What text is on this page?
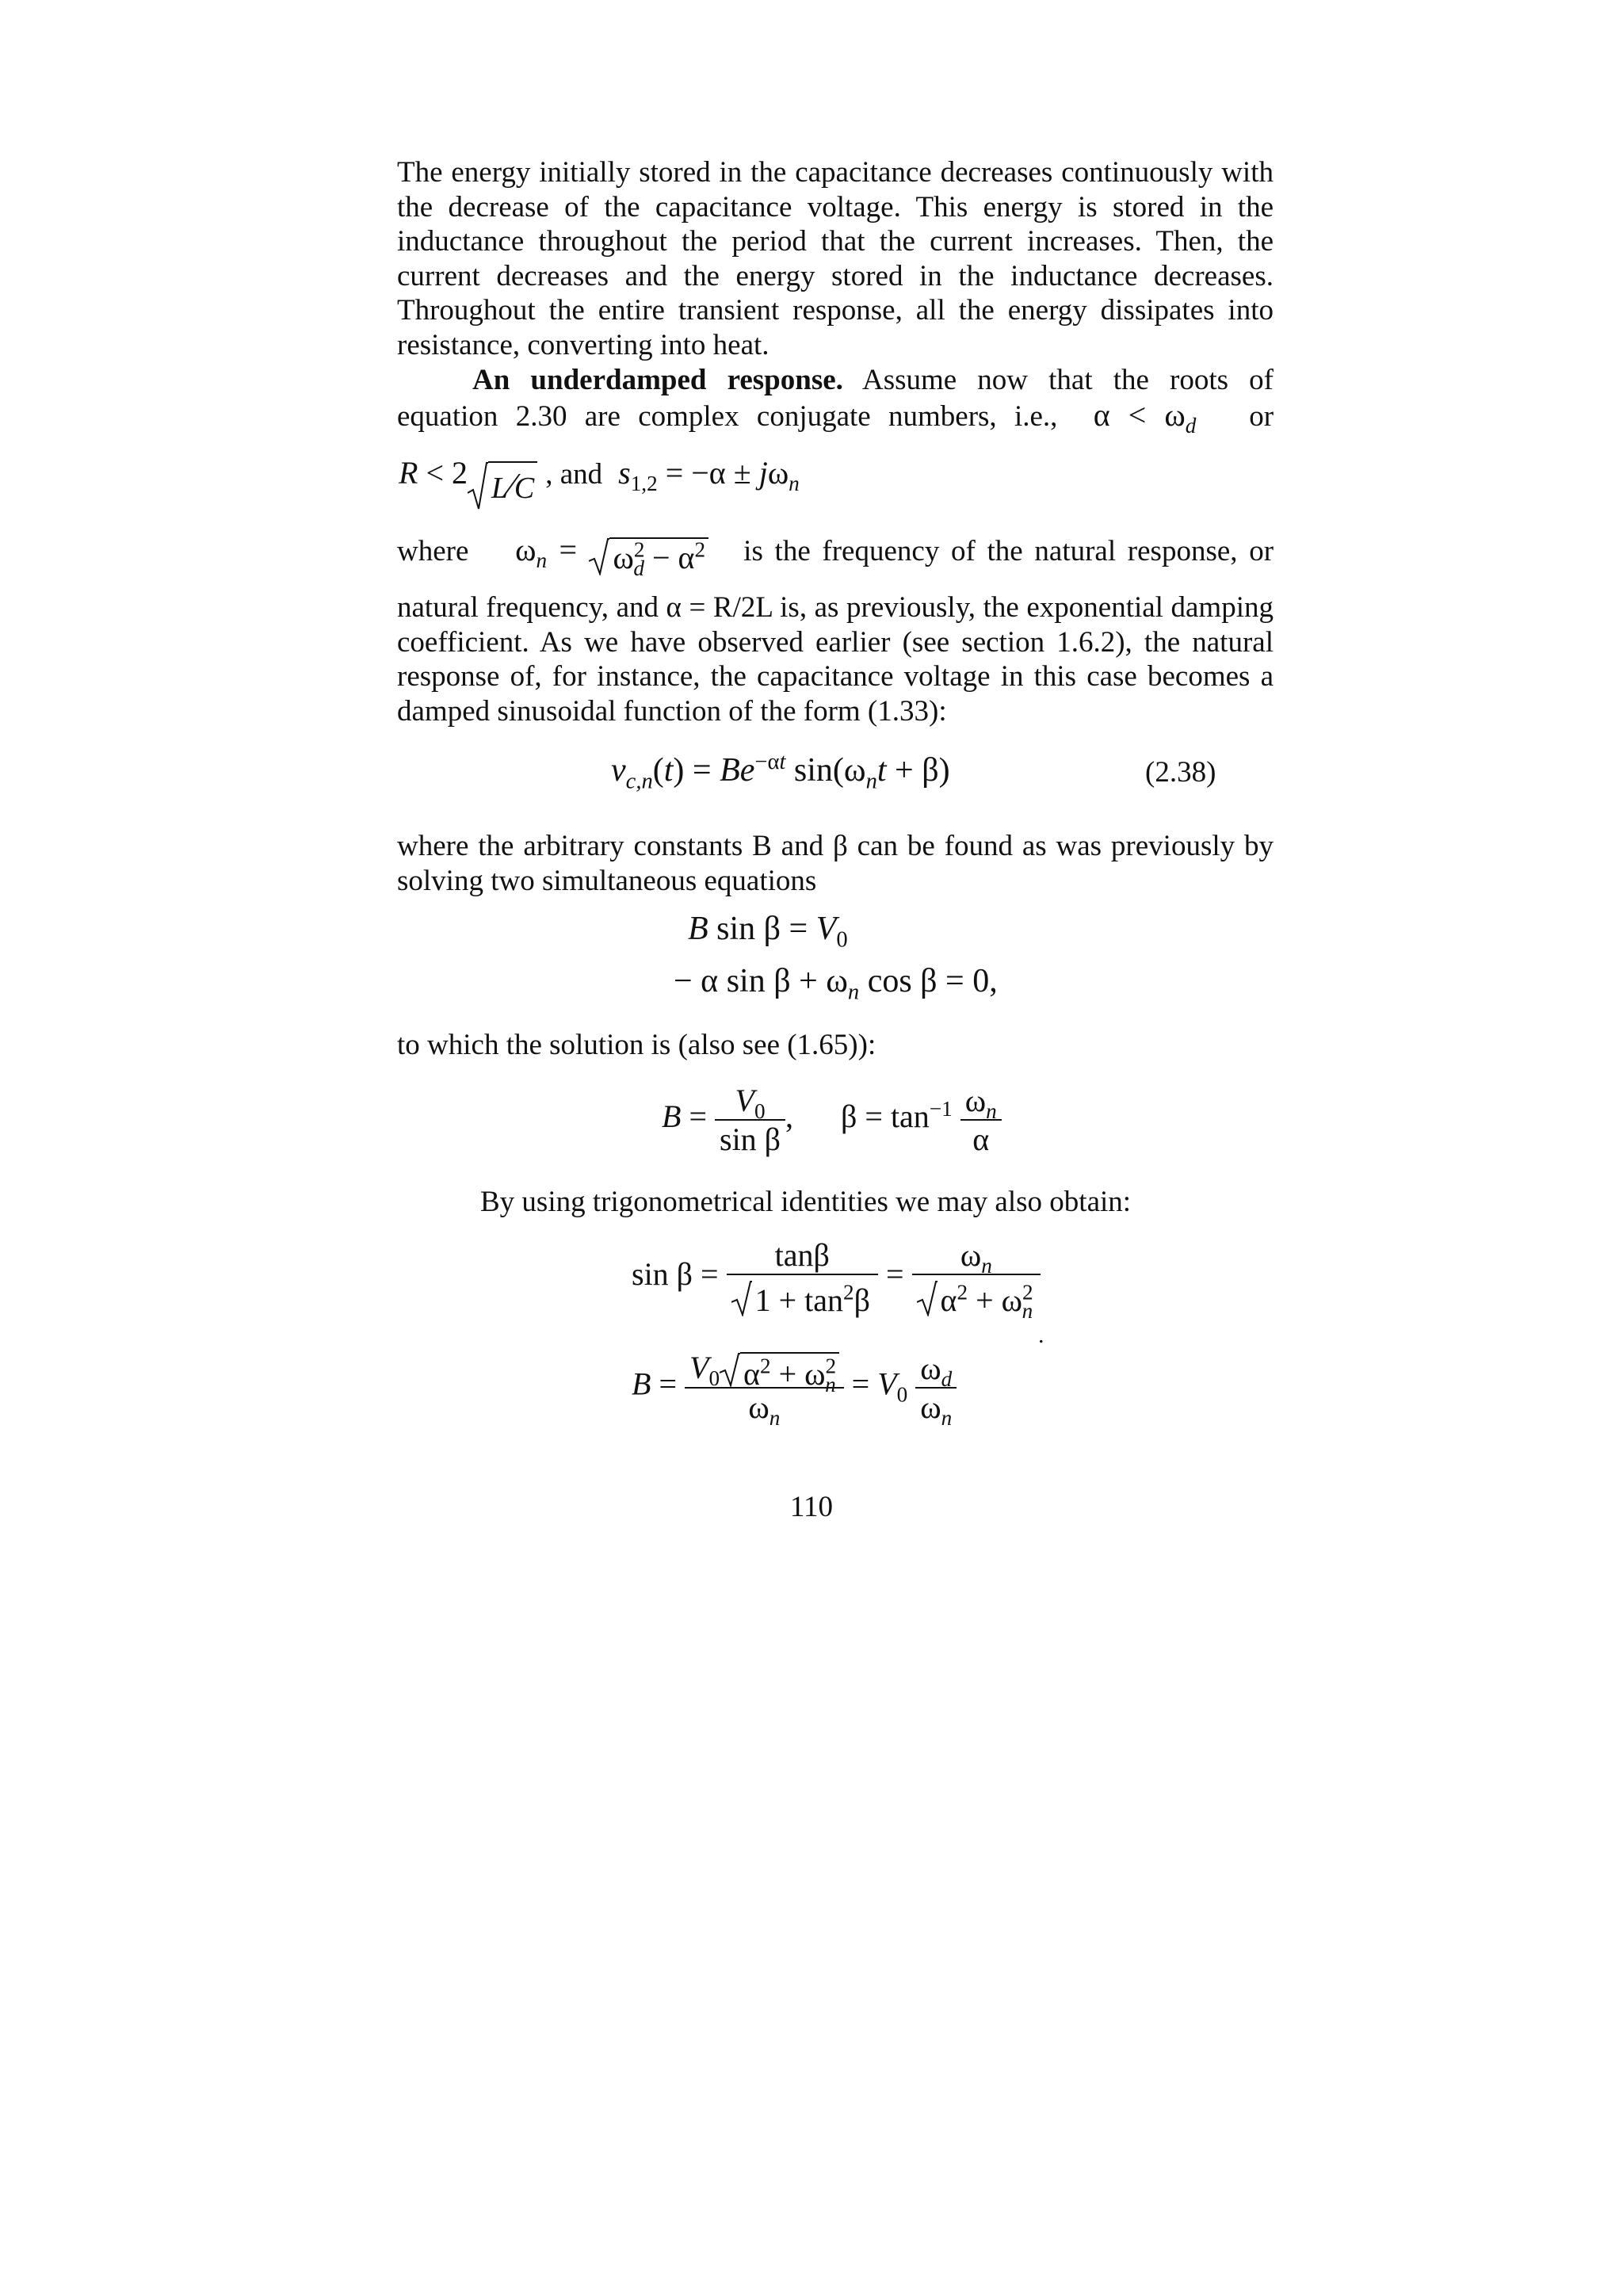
The energy initially stored in the capacitance decreases continuously with the decrease of the capacitance voltage. This energy is stored in the inductance throughout the period that the current increases. Then, the current decreases and the energy stored in the inductance decreases. Throughout the entire transient response, all the energy dissipates into resistance, converting into heat.

An underdamped response. Assume now that the roots of equation 2.30 are complex conjugate numbers, i.e.,  $\alpha < \omega_d$ or

R < 2 L⁄C , and $s_{1,2} = -\alpha \pm j\omega_n$

where $\omega_n$ =
$\omega^2_d - \alpha^2$ is the frequency of the natural response, or

natural frequency, and α = R/2L is, as previously, the exponential damping coefficient. As we have observed earlier (see section 1.6.2), the natural response of, for instance, the capacitance voltage in this case becomes a damped sinusoidal function of the form (1.33):

$v_{c,n}(t) = Be^{-\alpha t}$ $\sin(\omega_nt + \beta)$	(2.38)

where the arbitrary constants B and β can be found as was previously by solving two simultaneous equations

B $\sin \beta = V_0$
− α $\sin \beta + \omega_n$ cos β = 0,

to which the solution is (also see (1.65)):

$B = \frac{V_0}{\text{sin β}}$ ,      $\beta = \tan^{-1} \frac{\omega_n}{\alpha}$

By using trigonometrical identities we may also obtain:

$\sin \beta = \frac{\tan\beta}{1 + \tan^2\beta} = \frac{\omega_n}{\alpha^2 + \omega^2_n}$
.
$B = \frac{V_0 \alpha^2 + \omega^2_n}{\omega_n} = V_0 \frac{\omega_d}{\omega_n}$
110
